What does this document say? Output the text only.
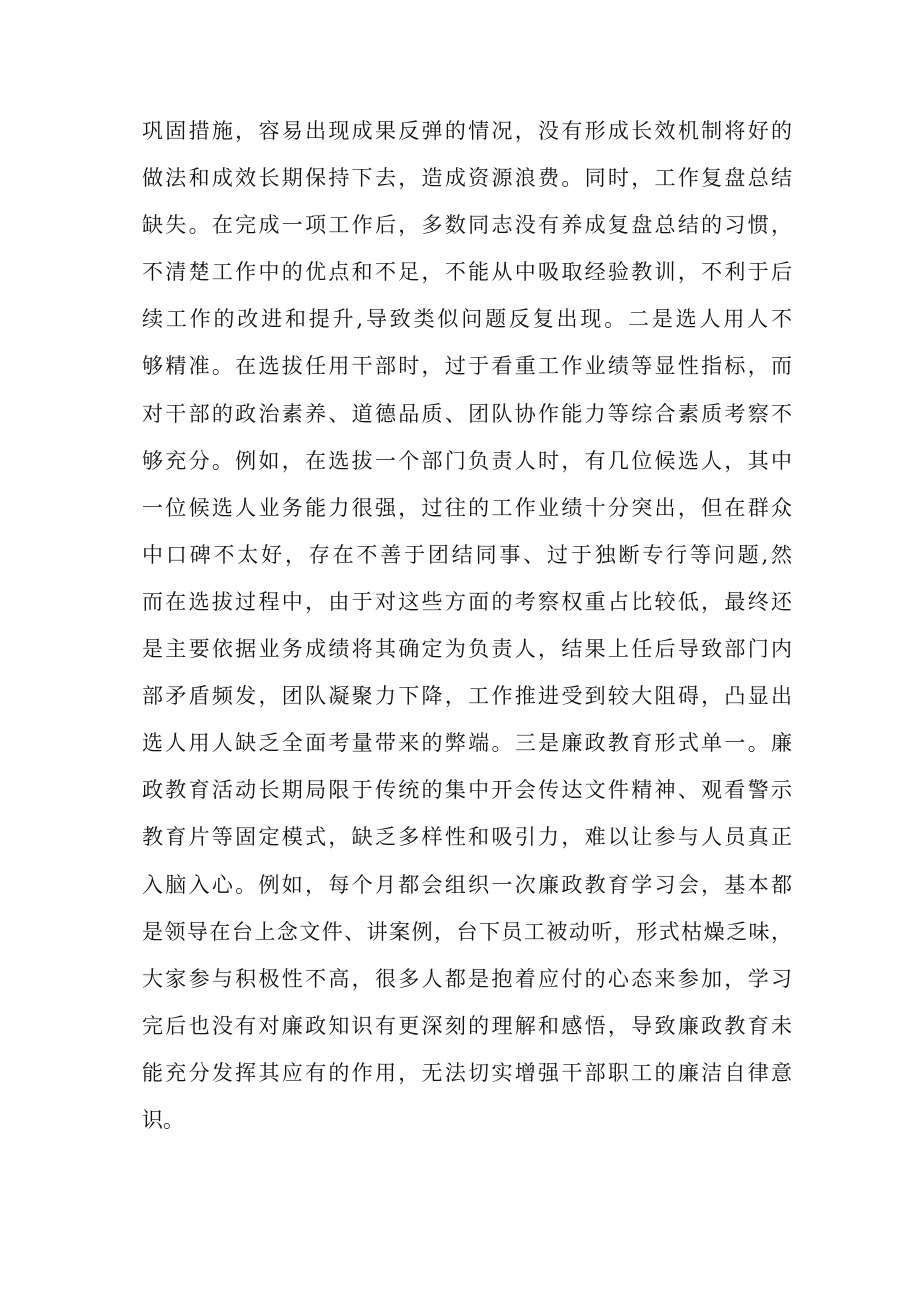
巩固措施，容易出现成果反弹的情况，没有形成长效机制将好的
做法和成效长期保持下去，造成资源浪费。同时，工作复盘总结
缺失。在完成一项工作后，多数同志没有养成复盘总结的习惯，
不清楚工作中的优点和不足，不能从中吸取经验教训，不利于后
续工作的改进和提升,导致类似问题反复出现。二是选人用人不
够精准。在选拔任用干部时，过于看重工作业绩等显性指标，而
对干部的政治素养、道德品质、团队协作能力等综合素质考察不
够充分。例如，在选拔一个部门负责人时，有几位候选人，其中
一位候选人业务能力很强，过往的工作业绩十分突出，但在群众
中口碑不太好，存在不善于团结同事、过于独断专行等问题,然
而在选拔过程中，由于对这些方面的考察权重占比较低，最终还
是主要依据业务成绩将其确定为负责人，结果上任后导致部门内
部矛盾频发，团队凝聚力下降，工作推进受到较大阻碍，凸显出
选人用人缺乏全面考量带来的弊端。三是廉政教育形式单一。廉
政教育活动长期局限于传统的集中开会传达文件精神、观看警示
教育片等固定模式，缺乏多样性和吸引力，难以让参与人员真正
入脑入心。例如，每个月都会组织一次廉政教育学习会，基本都
是领导在台上念文件、讲案例，台下员工被动听，形式枯燥乏味，
大家参与积极性不高，很多人都是抱着应付的心态来参加，学习
完后也没有对廉政知识有更深刻的理解和感悟，导致廉政教育未
能充分发挥其应有的作用，无法切实增强干部职工的廉洁自律意
识。
